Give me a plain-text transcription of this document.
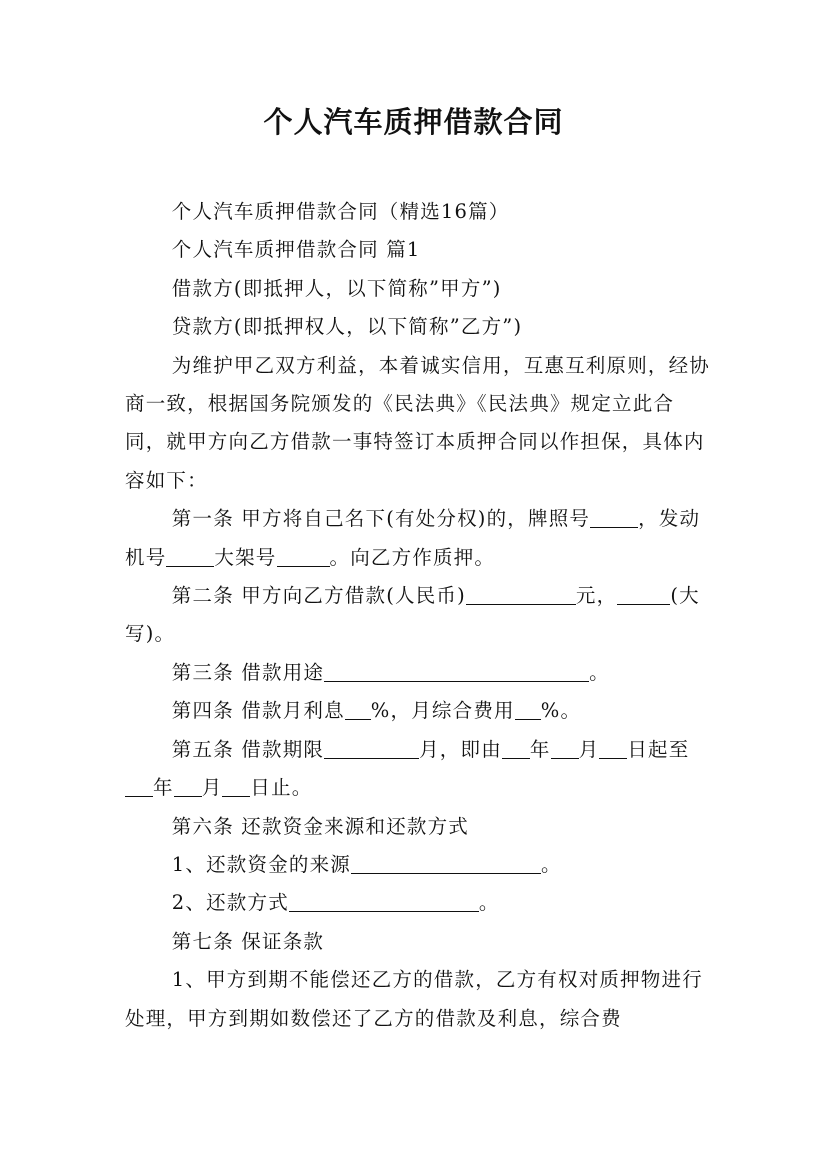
个人汽车质押借款合同

个人汽车质押借款合同（精选16篇）

个人汽车质押借款合同 篇1

借款方(即抵押人，以下简称”甲方”)

贷款方(即抵押权人，以下简称”乙方”)

为维护甲乙双方利益，本着诚实信用，互惠互利原则，经协商一致，根据国务院颁发的《民法典》《民法典》规定立此合同，就甲方向乙方借款一事特签订本质押合同以作担保，具体内容如下：

第一条 甲方将自己名下(有处分权)的，牌照号 ，发动机号 大架号	。向乙方作质押。

第二条 甲方向乙方借款(人民币)	元，	(大写)。

第三条 借款用途	。

第四条 借款月利息 %，月综合费用 %。

第五条 借款期限	月，即由 年 月 日起至年 月 日止。

第六条 还款资金来源和还款方式

1、还款资金的来源	。

2、还款方式	。

第七条 保证条款

1、甲方到期不能偿还乙方的借款，乙方有权对质押物进行处理，甲方到期如数偿还了乙方的借款及利息，综合费
